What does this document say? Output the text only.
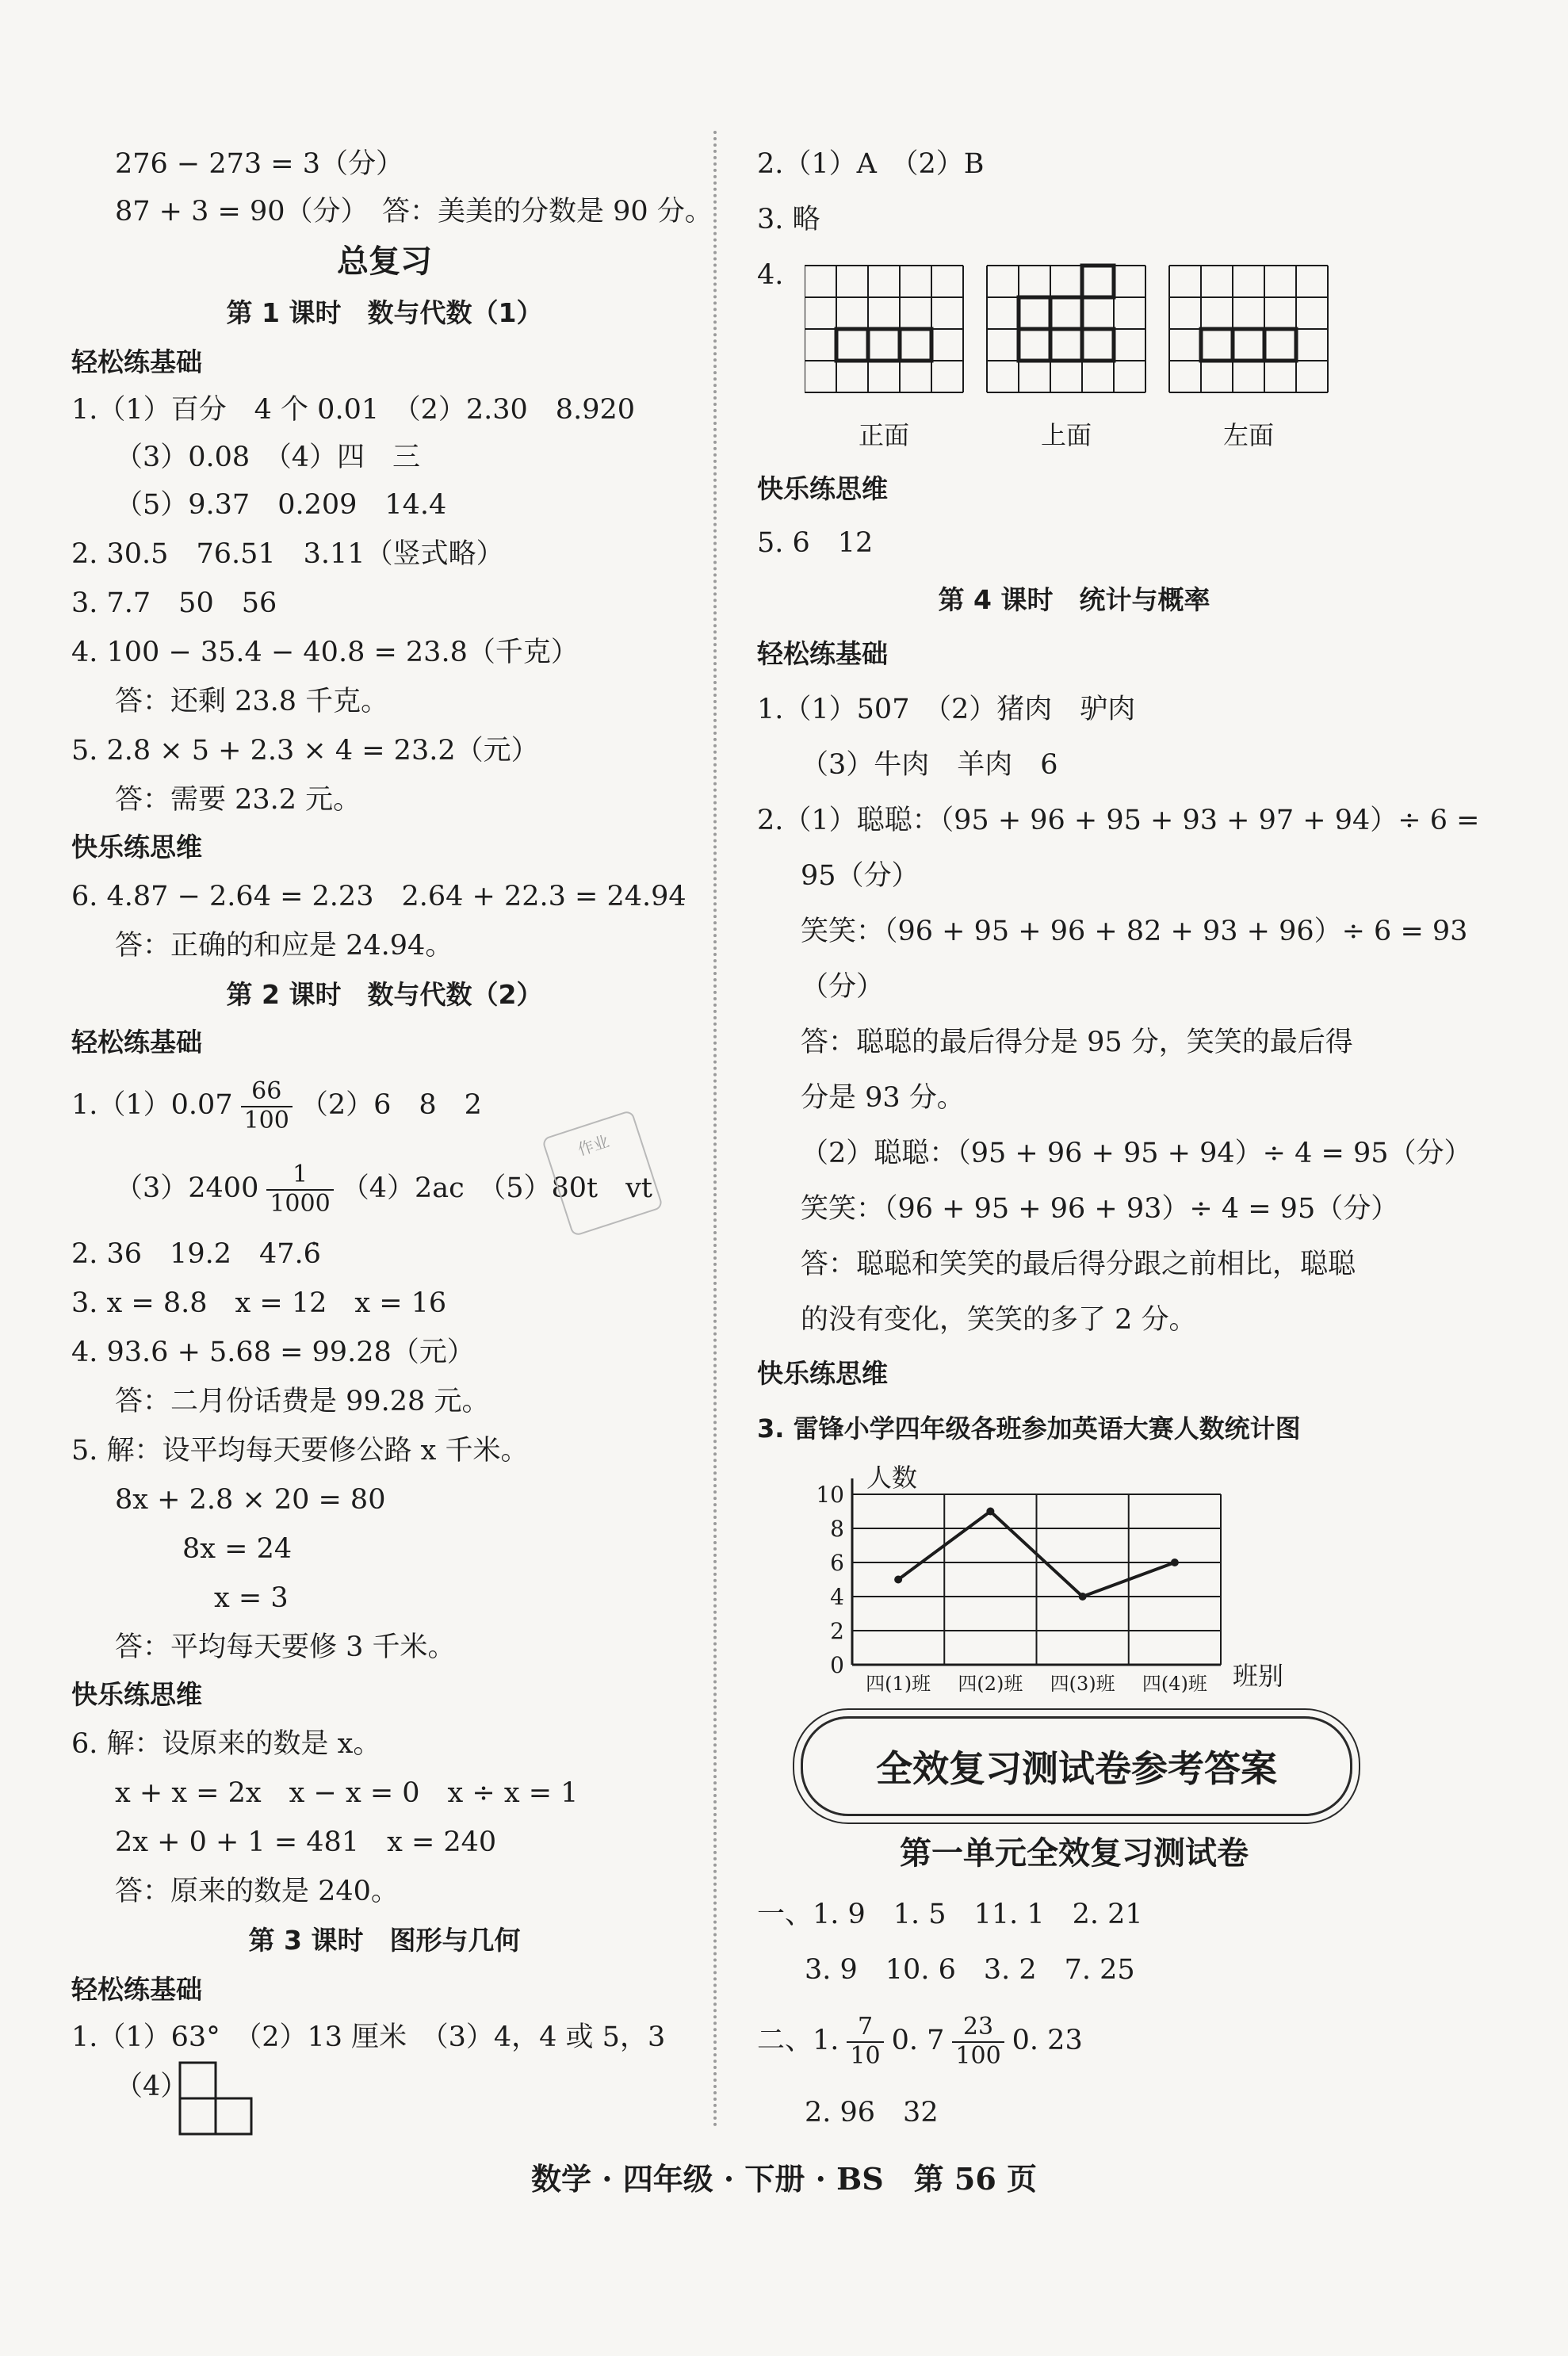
276 − 273 = 3（分）
87 + 3 = 90（分）　答：美美的分数是 90 分。
总复习
第 1 课时　数与代数（1）
轻松练基础
1.（1）百分　4 个 0.01　（2）2.30　8.920
（3）0.08　（4）四　三
（5）9.37　0.209　14.4
2. 30.5　76.51　3.11（竖式略）
3. 7.7　50　56
4. 100 − 35.4 − 40.8 = 23.8（千克）
答：还剩 23.8 千克。
5. 2.8 × 5 + 2.3 × 4 = 23.2（元）
答：需要 23.2 元。
快乐练思维
6. 4.87 − 2.64 = 2.23　2.64 + 22.3 = 24.94
答：正确的和应是 24.94。
第 2 课时　数与代数（2）
轻松练基础
$1.(1)0.07 \frac{66}{100} (2)6$　8　2
$(3)2400 \frac{1}{1000} (4)2ac$　（5）80t　vt
作业
2. 36　19.2　47.6̇
3. x = 8.8　x = 12　x = 16
4. 93.6 + 5.68 = 99.28（元）
答：二月份话费是 99.28 元。
5. 解：设平均每天要修公路 x 千米。
8x + 2.8 × 20 = 80
8x = 24
x = 3
答：平均每天要修 3 千米。
快乐练思维
6. 解：设原来的数是 x。
x + x = 2x　x − x = 0　x ÷ x = 1
2x + 0 + 1 = 481　x = 240
答：原来的数是 240。
第 3 课时　图形与几何
轻松练基础
1.（1）63°　（2）13 厘米　（3）4，4 或 5，3
（4）
2.（1）A　（2）B
3. 略
4.
正面	上面	左面
快乐练思维
5. 6　12
第 4 课时　统计与概率
轻松练基础
1.（1）507　（2）猪肉　驴肉
（3）牛肉　羊肉　6
2.（1）聪聪：（95 + 96 + 95 + 93 + 97 + 94）÷ 6 =
95（分）
笑笑：（96 + 95 + 96 + 82 + 93 + 96）÷ 6 = 93
（分）
答：聪聪的最后得分是 95 分，笑笑的最后得
分是 93 分。
（2）聪聪：（95 + 96 + 95 + 94）÷ 4 = 95（分）
笑笑：（96 + 95 + 96 + 93）÷ 4 = 95（分）
答：聪聪和笑笑的最后得分跟之前相比，聪聪
的没有变化，笑笑的多了 2 分。
快乐练思维
3. 雷锋小学四年级各班参加英语大赛人数统计图
0
2
4
6
8
10
四(1)班 四(2)班 四(3)班 四(4)班
人数
班别
全效复习测试卷参考答案
第一单元全效复习测试卷
一、1. 9　1. 5　11. 1　2. 21
3. 9　10. 6　3. 2　7. 25
二、1. $\frac{7}{10} 0$. $7 \frac{23}{100} 0$. 23
2. 96　32
数学 · 四年级 · 下册 · BS　第 56 页
